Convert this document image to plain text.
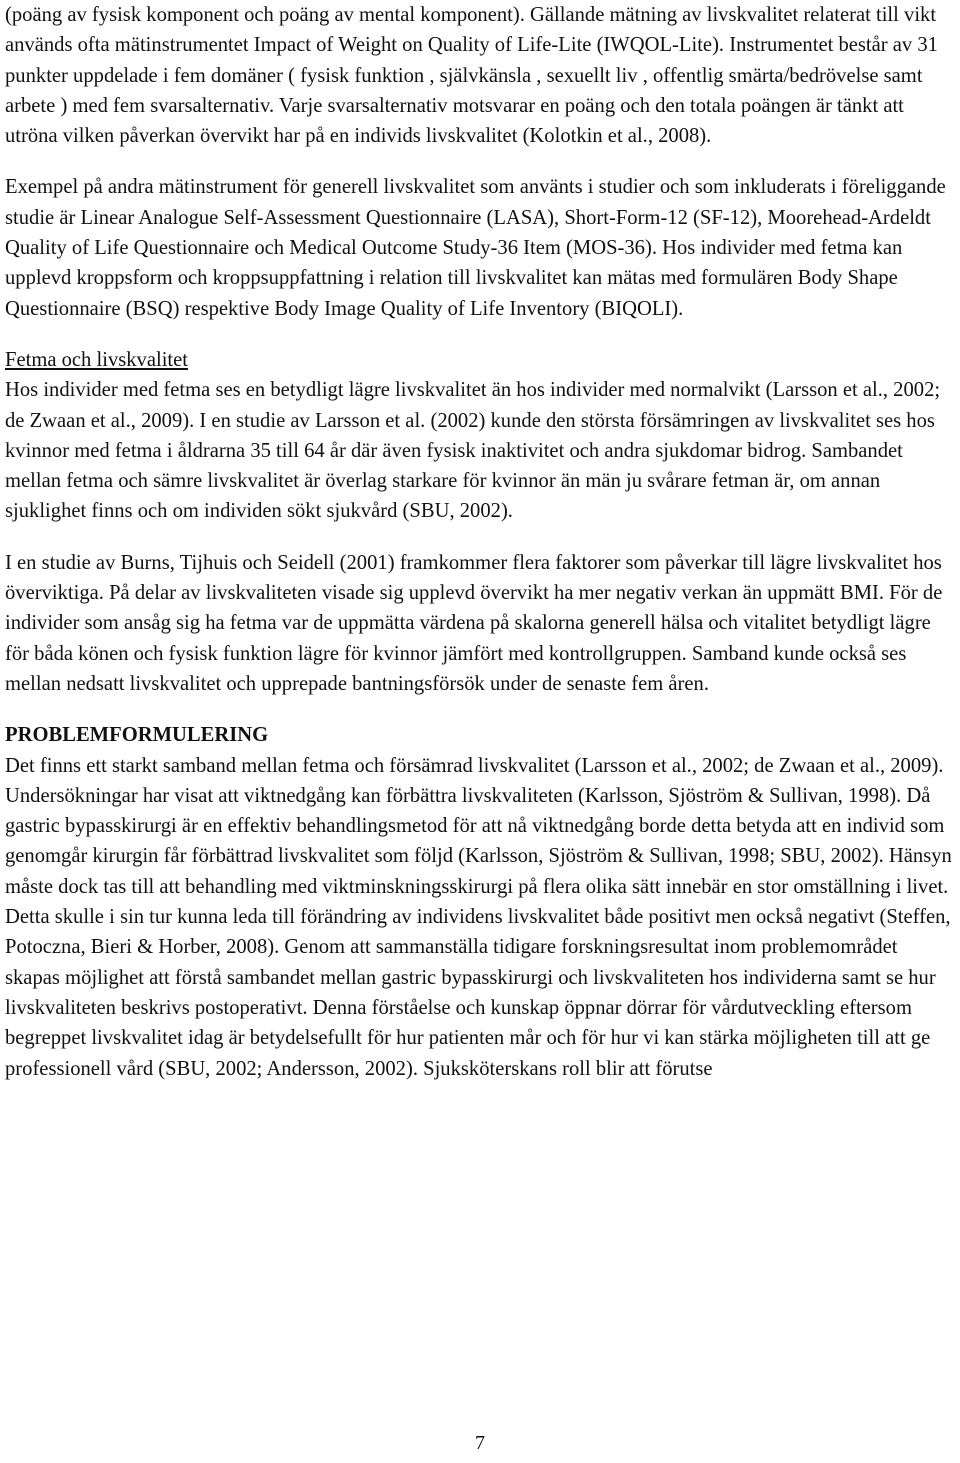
(poäng av fysisk komponent och poäng av mental komponent). Gällande mätning av livskvalitet relaterat till vikt används ofta mätinstrumentet Impact of Weight on Quality of Life-Lite (IWQOL-Lite). Instrumentet består av 31 punkter uppdelade i fem domäner ( fysisk funktion , självkänsla , sexuellt liv , offentlig smärta/bedrövelse samt arbete ) med fem svarsalternativ. Varje svarsalternativ motsvarar en poäng och den totala poängen är tänkt att utröna vilken påverkan övervikt har på en individs livskvalitet (Kolotkin et al., 2008).

Exempel på andra mätinstrument för generell livskvalitet som använts i studier och som inkluderats i föreliggande studie är Linear Analogue Self-Assessment Questionnaire (LASA), Short-Form-12 (SF-12), Moorehead-Ardeldt Quality of Life Questionnaire och Medical Outcome Study-36 Item (MOS-36). Hos individer med fetma kan upplevd kroppsform och kroppsuppfattning i relation till livskvalitet kan mätas med formulären Body Shape Questionnaire (BSQ) respektive Body Image Quality of Life Inventory (BIQOLI).

Fetma och livskvalitet

Hos individer med fetma ses en betydligt lägre livskvalitet än hos individer med normalvikt (Larsson et al., 2002; de Zwaan et al., 2009). I en studie av Larsson et al. (2002) kunde den största försämringen av livskvalitet ses hos kvinnor med fetma i åldrarna 35 till 64 år där även fysisk inaktivitet och andra sjukdomar bidrog. Sambandet mellan fetma och sämre livskvalitet är överlag starkare för kvinnor än män ju svårare fetman är, om annan sjuklighet finns och om individen sökt sjukvård (SBU, 2002).

I en studie av Burns, Tijhuis och Seidell (2001) framkommer flera faktorer som påverkar till lägre livskvalitet hos överviktiga. På delar av livskvaliteten visade sig upplevd övervikt ha mer negativ verkan än uppmätt BMI. För de individer som ansåg sig ha fetma var de uppmätta värdena på skalorna generell hälsa och vitalitet betydligt lägre för båda könen och fysisk funktion lägre för kvinnor jämfört med kontrollgruppen. Samband kunde också ses mellan nedsatt livskvalitet och upprepade bantningsförsök under de senaste fem åren.

PROBLEMFORMULERING

Det finns ett starkt samband mellan fetma och försämrad livskvalitet (Larsson et al., 2002; de Zwaan et al., 2009). Undersökningar har visat att viktnedgång kan förbättra livskvaliteten (Karlsson, Sjöström & Sullivan, 1998). Då gastric bypasskirurgi är en effektiv behandlingsmetod för att nå viktnedgång borde detta betyda att en individ som genomgår kirurgin får förbättrad livskvalitet som följd (Karlsson, Sjöström & Sullivan, 1998; SBU, 2002). Hänsyn måste dock tas till att behandling med viktminskningsskirurgi på flera olika sätt innebär en stor omställning i livet. Detta skulle i sin tur kunna leda till förändring av individens livskvalitet både positivt men också negativt (Steffen, Potoczna, Bieri & Horber, 2008). Genom att sammanställa tidigare forskningsresultat inom problemområdet skapas möjlighet att förstå sambandet mellan gastric bypasskirurgi och livskvaliteten hos individerna samt se hur livskvaliteten beskrivs postoperativt. Denna förståelse och kunskap öppnar dörrar för vårdutveckling eftersom begreppet livskvalitet idag är betydelsefullt för hur patienten mår och för hur vi kan stärka möjligheten till att ge professionell vård (SBU, 2002; Andersson, 2002). Sjuksköterskans roll blir att förutse

7
